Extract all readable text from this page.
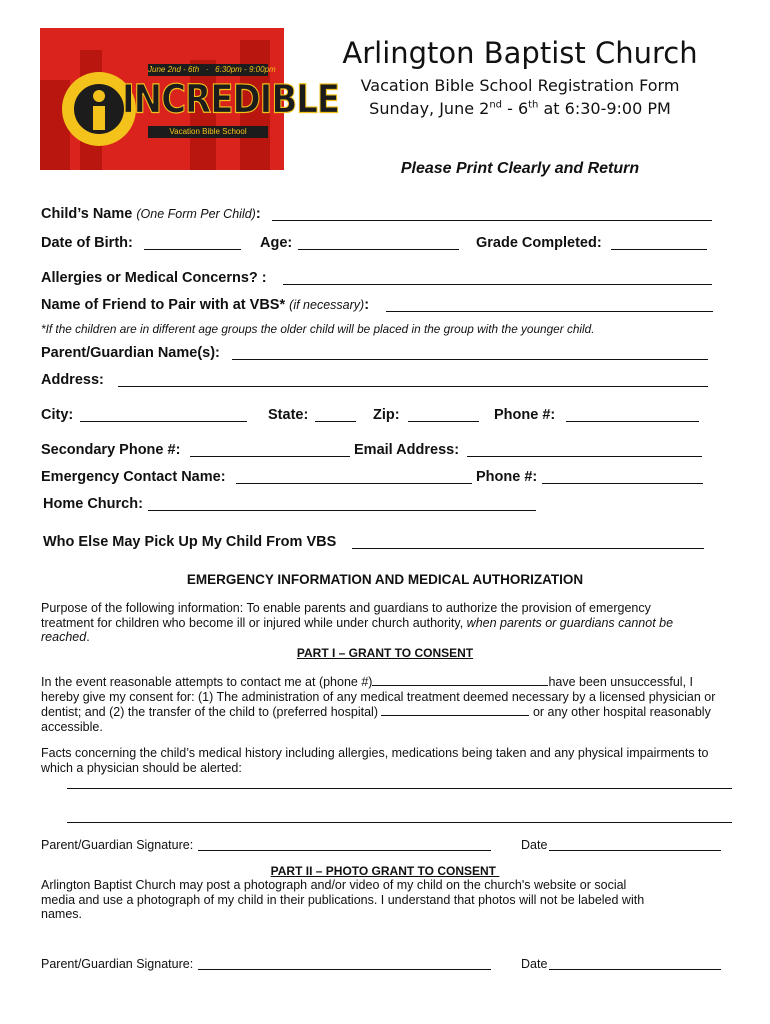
June 2nd - 6th   ·   6:30pm - 9:00pm
INCREDIBLE
Vacation Bible School
Arlington Baptist Church
Vacation Bible School Registration Form
Sunday, June 2nd - 6th at 6:30-9:00 PM
Please Print Clearly and Return
Child’s Name (One Form Per Child):
Date of Birth:	Age:	Grade Completed:
Allergies or Medical Concerns? :
Name of Friend to Pair with at VBS* (if necessary):
*If the children are in different age groups the older child will be placed in the group with the younger child.
Parent/Guardian Name(s):
Address:
City:	State:	Zip:	Phone #:
Secondary Phone #:	Email Address:
Emergency Contact Name:	Phone #:
Home Church:
Who Else May Pick Up My Child From VBS
EMERGENCY INFORMATION AND MEDICAL AUTHORIZATION
Purpose of the following information: To enable parents and guardians to authorize the provision of emergency treatment for children who become ill or injured while under church authority, when parents or guardians cannot be reached.
PART I – GRANT TO CONSENT
In the event reasonable attempts to contact me at (phone #)	have been unsuccessful, I hereby give my consent for: (1) The administration of any medical treatment deemed necessary by a licensed physician or dentist; and (2) the transfer of the child to (preferred hospital)	or any other hospital reasonably accessible.
Facts concerning the child’s medical history including allergies, medications being taken and any physical impairments to which a physician should be alerted:
Parent/Guardian Signature:	Date
PART II – PHOTO GRANT TO CONSENT
Arlington Baptist Church may post a photograph and/or video of my child on the church's website or social media and use a photograph of my child in their publications. I understand that photos will not be labeled with names.
Parent/Guardian Signature:	Date
